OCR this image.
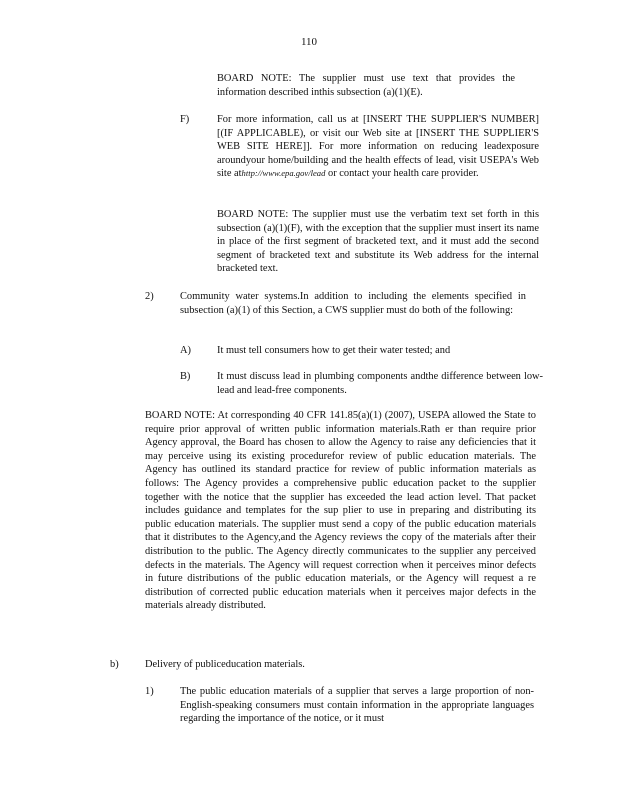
110
BOARD NOTE: The supplier must use text that provides the information described inthis subsection (a)(1)(E).
F)	For more information, call us at [INSERT THE SUPPLIER'S NUMBER] [(IF APPLICABLE), or visit our Web site at [INSERT THE SUPPLIER'S WEB SITE HERE]]. For more information on reducing leadexposure aroundyour home/building and the health effects of lead, visit USEPA's Web site athttp://www.epa.gov/lead or contact your health care provider.
BOARD NOTE: The supplier must use the verbatim text set forth in this subsection (a)(1)(F), with the exception that the supplier must insert its name in place of the first segment of bracketed text, and it must add the second segment of bracketed text and substitute its Web address for the internal bracketed text.
2)	Community water systems.In addition to including the elements specified in subsection (a)(1) of this Section, a CWS supplier must do both of the following:
A)	It must tell consumers how to get their water tested; and
B)	It must discuss lead in plumbing components andthe difference between low-lead and lead-free components.
BOARD NOTE: At corresponding 40 CFR 141.85(a)(1) (2007), USEPA allowed the State to require prior approval of written public information materials.Rath er than require prior Agency approval, the Board has chosen to allow the Agency to raise any deficiencies that it may perceive using its existing procedurefor review of public education materials. The Agency has outlined its standard practice for review of public information materials as follows: The Agency provides a comprehensive public education packet to the supplier together with the notice that the supplier has exceeded the lead action level. That packet includes guidance and templates for the sup plier to use in preparing and distributing its public education materials. The supplier must send a copy of the public education materials that it distributes to the Agency,and the Agency reviews the copy of the materials after their distribution to the public. The Agency directly communicates to the supplier any perceived defects in the materials. The Agency will request correction when it perceives minor defects in future distributions of the public education materials, or the Agency will request a re distribution of corrected public education materials when it perceives major defects in the materials already distributed.
b)	Delivery of publiceducation materials.
1)	The public education materials of a supplier that serves a large proportion of non-English-speaking consumers must contain information in the appropriate languages regarding the importance of the notice, or it must
